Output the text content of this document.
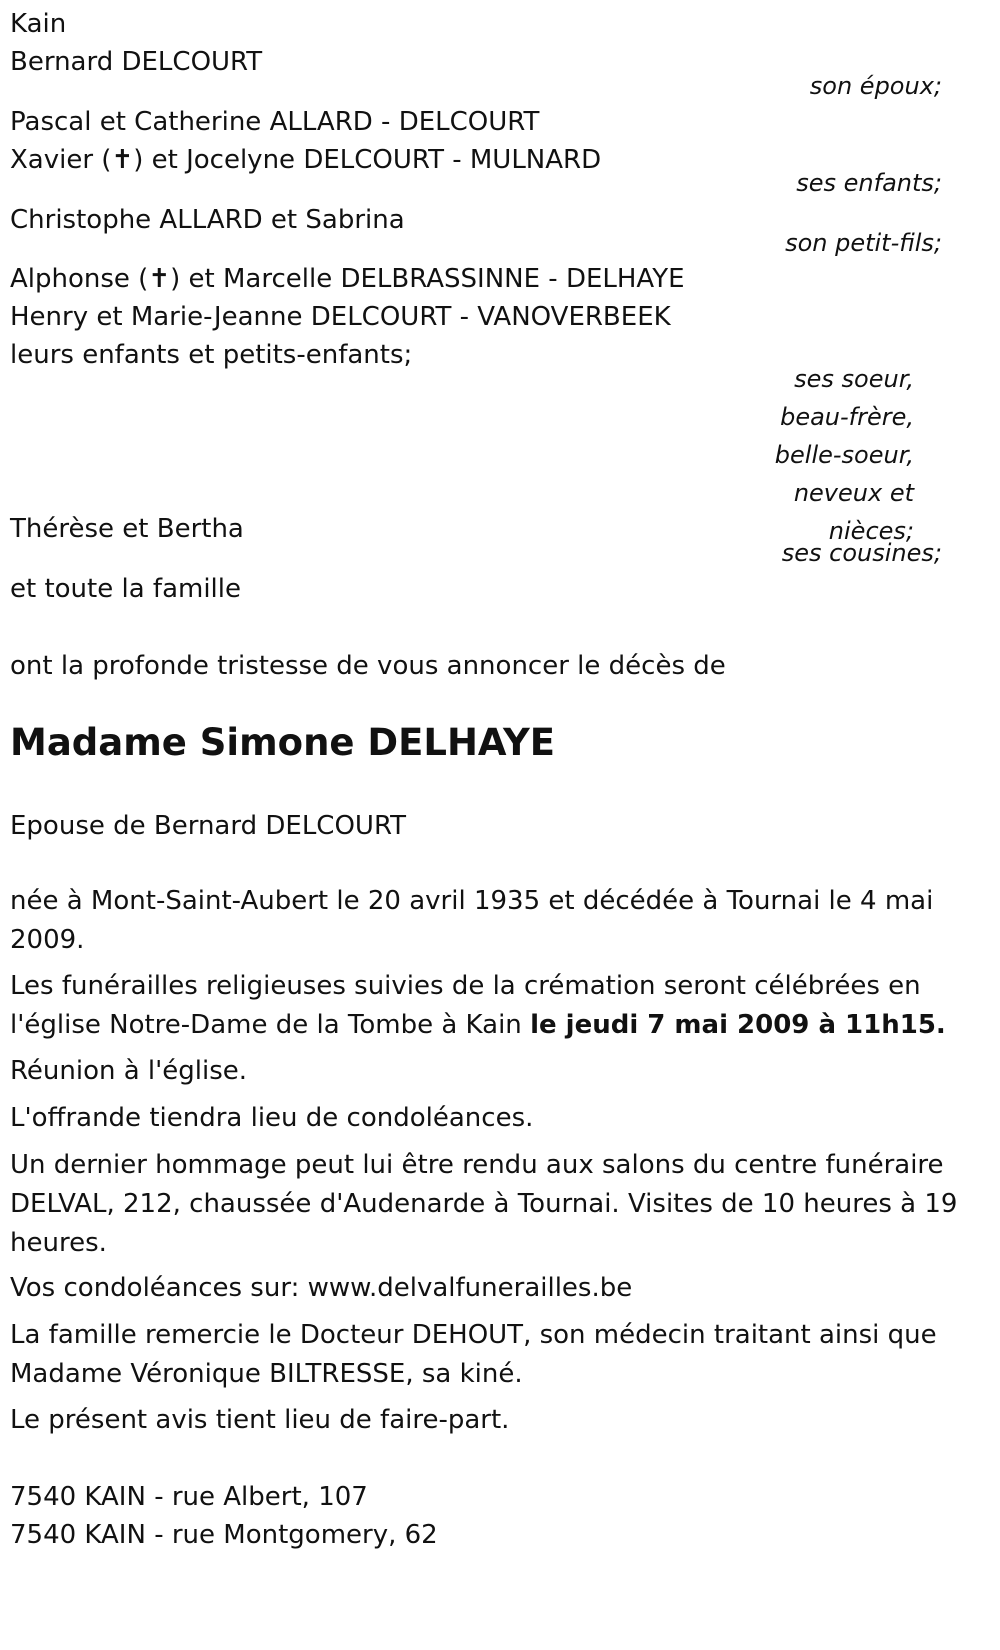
Kain
Bernard DELCOURT
son époux;
Pascal et Catherine ALLARD - DELCOURT
Xavier (✝) et Jocelyne DELCOURT - MULNARD
ses enfants;
Christophe ALLARD et Sabrina
son petit-fils;
Alphonse (✝) et Marcelle DELBRASSINNE - DELHAYE
Henry et Marie-Jeanne DELCOURT - VANOVERBEEK
leurs enfants et petits-enfants;
ses soeur, beau-frère, belle-soeur, neveux et nièces;
Thérèse et Bertha
ses cousines;
et toute la famille
ont la profonde tristesse de vous annoncer le décès de
Madame Simone DELHAYE
Epouse de Bernard DELCOURT
née à Mont-Saint-Aubert le 20 avril 1935 et décédée à Tournai le 4 mai 2009.
Les funérailles religieuses suivies de la crémation seront célébrées en l'église Notre-Dame de la Tombe à Kain le jeudi 7 mai 2009 à 11h15.
Réunion à l'église.
L'offrande tiendra lieu de condoléances.
Un dernier hommage peut lui être rendu aux salons du centre funéraire DELVAL, 212, chaussée d'Audenarde à Tournai. Visites de 10 heures à 19 heures.
Vos condoléances sur: www.delvalfunerailles.be
La famille remercie le Docteur DEHOUT, son médecin traitant ainsi que Madame Véronique BILTRESSE, sa kiné.
Le présent avis tient lieu de faire-part.
7540 KAIN - rue Albert, 107
7540 KAIN - rue Montgomery, 62
